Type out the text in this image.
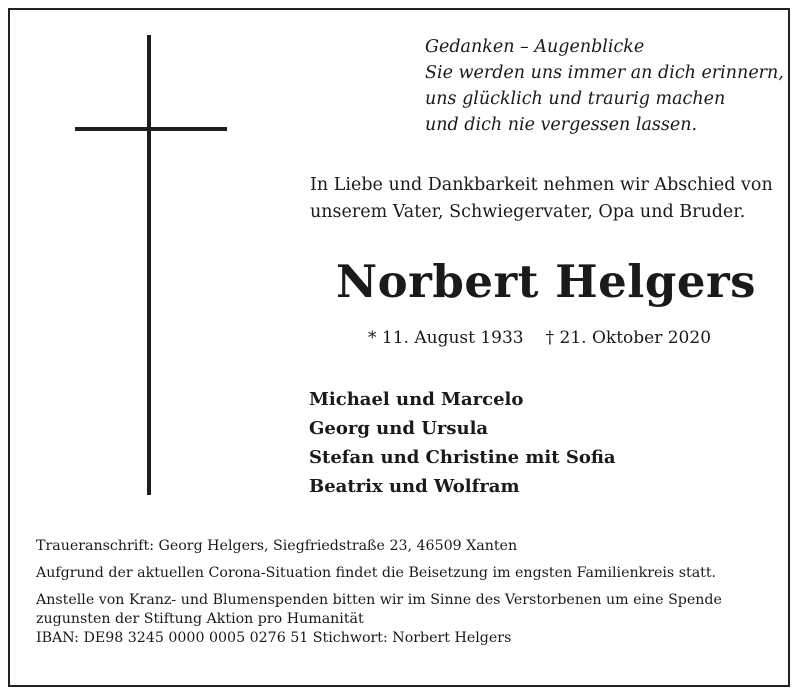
Gedanken – Augenblicke
Sie werden uns immer an dich erinnern,
uns glücklich und traurig machen
und dich nie vergessen lassen.
In Liebe und Dankbarkeit nehmen wir Abschied von
unserem Vater, Schwiegervater, Opa und Bruder.
Norbert Helgers
* 11. August 1933 † 21. Oktober 2020
Michael und Marcelo
Georg und Ursula
Stefan und Christine mit Sofia
Beatrix und Wolfram
Traueranschrift: Georg Helgers, Siegfriedstraße 23, 46509 Xanten
Aufgrund der aktuellen Corona-Situation findet die Beisetzung im engsten Familienkreis statt.
Anstelle von Kranz- und Blumenspenden bitten wir im Sinne des Verstorbenen um eine Spende
zugunsten der Stiftung Aktion pro Humanität
IBAN: DE98 3245 0000 0005 0276 51 Stichwort: Norbert Helgers
